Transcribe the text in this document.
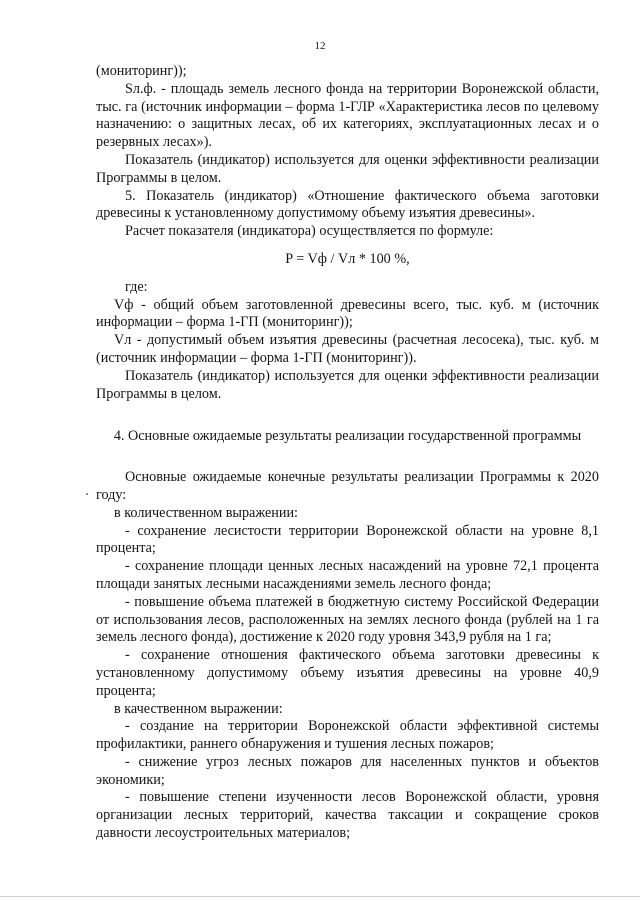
12

(мониторинг));

Sл.ф. - площадь земель лесного фонда на территории Воронежской области, тыс. га (источник информации – форма 1-ГЛР «Характеристика лесов по целевому назначению: о защитных лесах, об их категориях, эксплуатационных лесах и о резервных лесах»).

Показатель (индикатор) используется для оценки эффективности реализации Программы в целом.

5. Показатель (индикатор) «Отношение фактического объема заготовки древесины к установленному допустимому объему изъятия древесины».

Расчет показателя (индикатора) осуществляется по формуле:

P = Vф / Vл * 100 %,

где:

Vф - общий объем заготовленной древесины всего, тыс. куб. м (источник информации – форма 1-ГП (мониторинг));

Vл - допустимый объем изъятия древесины (расчетная лесосека), тыс. куб. м (источник информации – форма 1-ГП (мониторинг)).

Показатель (индикатор) используется для оценки эффективности реализации Программы в целом.

4. Основные ожидаемые результаты реализации государственной программы

Основные ожидаемые конечные результаты реализации Программы к 2020 году:

в количественном выражении:

- сохранение лесистости территории Воронежской области на уровне 8,1 процента;

- сохранение площади ценных лесных насаждений на уровне 72,1 процента площади занятых лесными насаждениями земель лесного фонда;

- повышение объема платежей в бюджетную систему Российской Федерации от использования лесов, расположенных на землях лесного фонда (рублей на 1 га земель лесного фонда), достижение к 2020 году уровня 343,9 рубля на 1 га;

- сохранение отношения фактического объема заготовки древесины к установленному допустимому объему изъятия древесины на уровне 40,9 процента;

в качественном выражении:

- создание на территории Воронежской области эффективной системы профилактики, раннего обнаружения и тушения лесных пожаров;

- снижение угроз лесных пожаров для населенных пунктов и объектов экономики;

- повышение степени изученности лесов Воронежской области, уровня организации лесных территорий, качества таксации и сокращение сроков давности лесоустроительных материалов;
